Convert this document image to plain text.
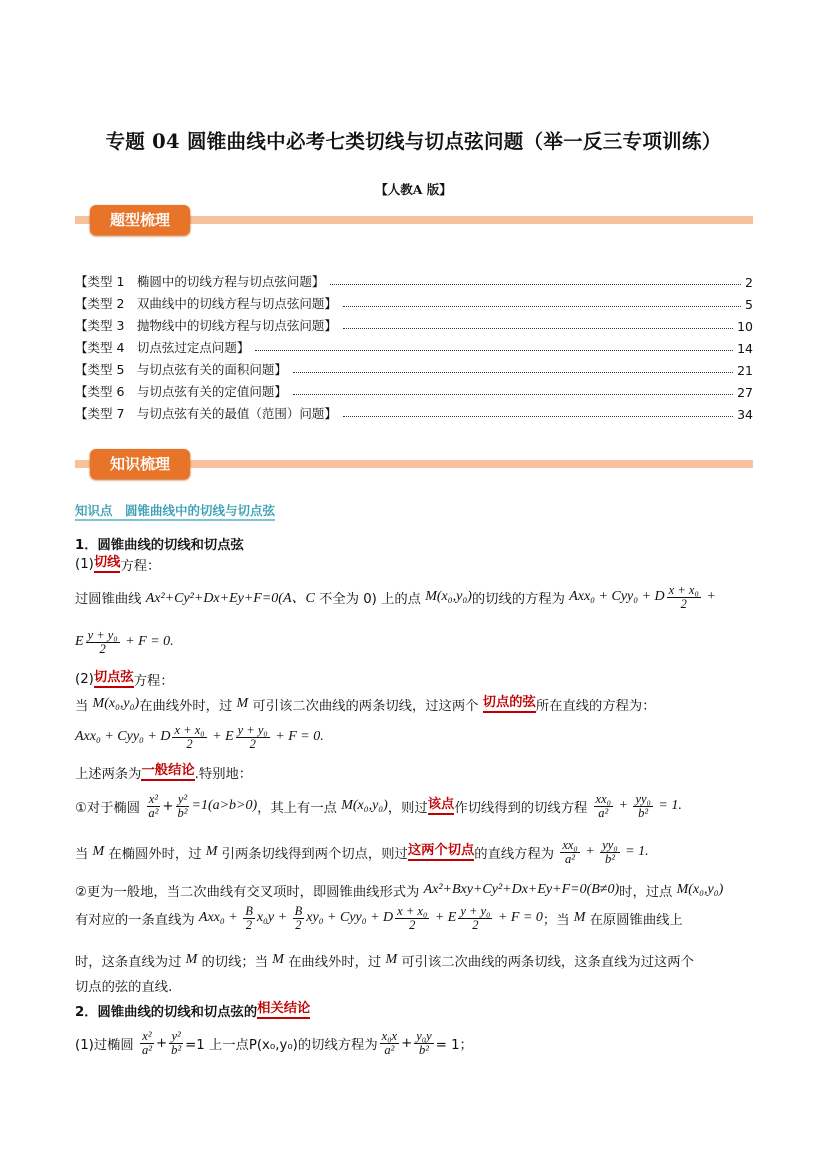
专题 04 圆锥曲线中必考七类切线与切点弦问题（举一反三专项训练）
【人教A 版】
题型梳理
【类型 1　椭圆中的切线方程与切点弦问题】	2
【类型 2　双曲线中的切线方程与切点弦问题】	5
【类型 3　抛物线中的切线方程与切点弦问题】	10
【类型 4　切点弦过定点问题】	14
【类型 5　与切点弦有关的面积问题】	21
【类型 6　与切点弦有关的定值问题】	27
【类型 7　与切点弦有关的最值（范围）问题】	34
知识梳理
知识点　圆锥曲线中的切线与切点弦
1．圆锥曲线的切线和切点弦
(1) 切线 方程：
过圆锥曲线 Ax²+Cy²+Dx+Ey+F=0(A、C 不全为 0) 上的点 M(x₀,y₀) 的切线的方程为 Axx₀ + Cyy₀ + D $\frac{\text{x + x₀}}{2}$ +
E $\frac{\text{y + y₀}}{2} + F = 0$.
(2) 切点弦 方程：
当 M(x₀,y₀) 在曲线外时，过 M 可引该二次曲线的两条切线，过这两个 切点的弦 所在直线的方程为：
Axx₀ + Cyy₀ + D $\frac{\text{x + x₀}}{2} + E \frac{\text{y + y₀}}{2} + F = 0$.
上述两条为 一般结论 .特别地：
①对于椭圆 $\frac{\text{x²}}{\text{a²}} + \frac{\text{y²}}{\text{b²}} =1(a>b>0)$ ，其上有一点 M(x₀,y₀) ，则过 该点 作切线得到的切线方程 $\frac{\text{xx₀}}{\text{a²}} + \frac{\text{yy₀}}{\text{b²}} = 1$.
当 M 在椭圆外时，过 M 引两条切线得到两个切点，则过 这两个切点 的直线方程为 $\frac{\text{xx₀}}{\text{a²}} + \frac{\text{yy₀}}{\text{b²}} = 1$.
②更为一般地，当二次曲线有交叉项时，即圆锥曲线形式为 Ax²+Bxy+Cy²+Dx+Ey+F=0(B≠0) 时，过点 M(x₀,y₀)
有对应的一条直线为 $Axx_0 + \frac{B}{2} x_0y + \frac{B}{2} xy_0 + Cyy_0 + D \frac{\text{x + x₀}}{2} + E \frac{\text{y + y₀}}{2} + F = 0$ ；当 M 在原圆锥曲线上
时，这条直线为过 M 的切线；当 M 在曲线外时，过 M 可引该二次曲线的两条切线，这条直线为过这两个
切点的弦的直线.
2．圆锥曲线的切线和切点弦的 相关结论
(1)过椭圆 $\frac{\text{x²}}{\text{a²}} + \frac{\text{y²}}{\text{b²}} =1$ 上一点P(x₀,y₀)的切线方程为 $\frac{\text{x₀x}}{\text{a²}} + \frac{\text{y₀y}}{\text{b²}} = 1$；
